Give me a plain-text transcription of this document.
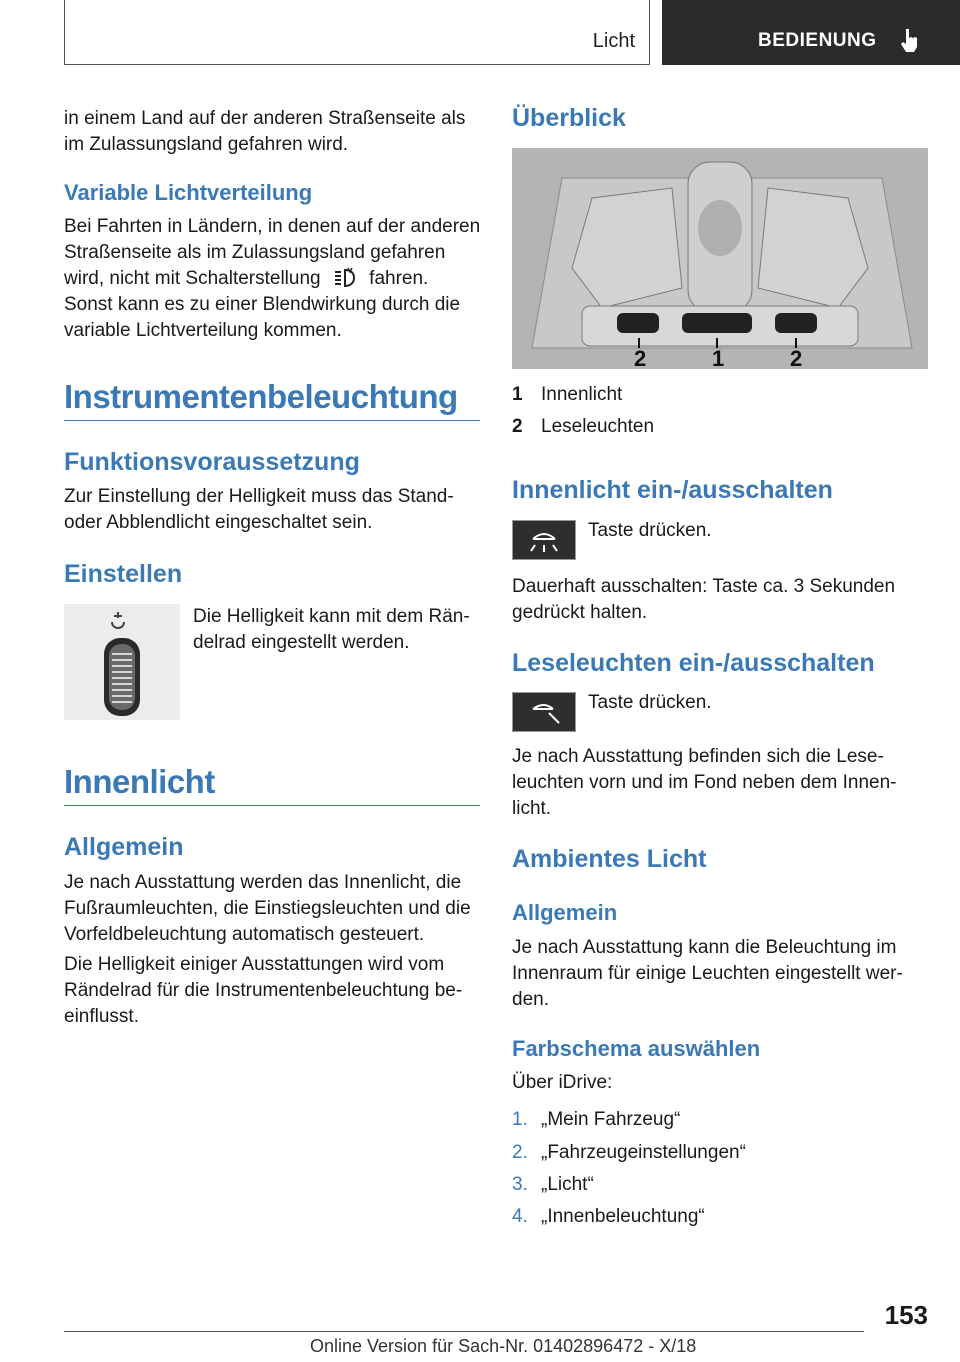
Licht	BEDIENUNG
in einem Land auf der anderen Straßenseite als im Zulassungsland gefahren wird.
Variable Lichtverteilung
Bei Fahrten in Ländern, in denen auf der anderen Straßenseite als im Zulassungsland gefahren wird, nicht mit Schalterstellung	fahren. Sonst kann es zu einer Blendwirkung durch die variable Lichtverteilung kommen.
Instrumentenbeleuchtung
Funktionsvoraussetzung
Zur Einstellung der Helligkeit muss das Stand- oder Abblendlicht eingeschaltet sein.
Einstellen
Die Helligkeit kann mit dem Rän- delrad eingestellt werden.
Innenlicht
Allgemein
Je nach Ausstattung werden das Innenlicht, die Fußraumleuchten, die Einstiegsleuchten und die Vorfeldbeleuchtung automatisch gesteuert.
Die Helligkeit einiger Ausstattungen wird vom Rändelrad für die Instrumentenbeleuchtung be- einflusst.
Überblick
2	1	2
1 Innenlicht
2 Leseleuchten
Innenlicht ein-/ausschalten
Taste drücken.
Dauerhaft ausschalten: Taste ca. 3 Sekunden gedrückt halten.
Leseleuchten ein-/ausschalten
Taste drücken.
Je nach Ausstattung befinden sich die Lese- leuchten vorn und im Fond neben dem Innen- licht.
Ambientes Licht
Allgemein
Je nach Ausstattung kann die Beleuchtung im Innenraum für einige Leuchten eingestellt wer- den.
Farbschema auswählen
Über iDrive:
1. „Mein Fahrzeug“
2. „Fahrzeugeinstellungen“
3. „Licht“
4. „Innenbeleuchtung“
153
Online Version für Sach-Nr. 01402896472 - X/18
